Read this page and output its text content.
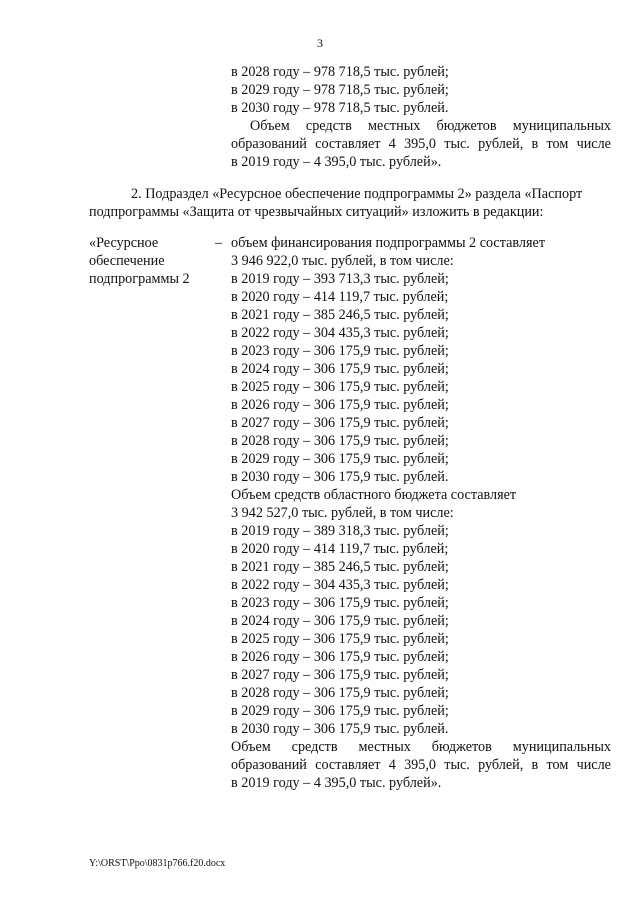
3
в 2028 году – 978 718,5 тыс. рублей;
в 2029 году – 978 718,5 тыс. рублей;
в 2030 году – 978 718,5 тыс. рублей.
Объем средств местных бюджетов муниципальных
образований составляет 4 395,0 тыс. рублей, в том числе
в 2019 году – 4 395,0 тыс. рублей».
2. Подраздел «Ресурсное обеспечение подпрограммы 2» раздела «Паспорт
подпрограммы «Защита от чрезвычайных ситуаций» изложить в редакции:
«Ресурсное
обеспечение
подпрограммы 2
– объем финансирования подпрограммы 2 составляет
3 946 922,0 тыс. рублей, в том числе:
в 2019 году – 393 713,3 тыс. рублей;
в 2020 году – 414 119,7 тыс. рублей;
в 2021 году – 385 246,5 тыс. рублей;
в 2022 году – 304 435,3 тыс. рублей;
в 2023 году – 306 175,9 тыс. рублей;
в 2024 году – 306 175,9 тыс. рублей;
в 2025 году – 306 175,9 тыс. рублей;
в 2026 году – 306 175,9 тыс. рублей;
в 2027 году – 306 175,9 тыс. рублей;
в 2028 году – 306 175,9 тыс. рублей;
в 2029 году – 306 175,9 тыс. рублей;
в 2030 году – 306 175,9 тыс. рублей.
Объем средств областного бюджета составляет
3 942 527,0 тыс. рублей, в том числе:
в 2019 году – 389 318,3 тыс. рублей;
в 2020 году – 414 119,7 тыс. рублей;
в 2021 году – 385 246,5 тыс. рублей;
в 2022 году – 304 435,3 тыс. рублей;
в 2023 году – 306 175,9 тыс. рублей;
в 2024 году – 306 175,9 тыс. рублей;
в 2025 году – 306 175,9 тыс. рублей;
в 2026 году – 306 175,9 тыс. рублей;
в 2027 году – 306 175,9 тыс. рублей;
в 2028 году – 306 175,9 тыс. рублей;
в 2029 году – 306 175,9 тыс. рублей;
в 2030 году – 306 175,9 тыс. рублей.
Объем средств местных бюджетов муниципальных
образований составляет 4 395,0 тыс. рублей, в том числе
в 2019 году – 4 395,0 тыс. рублей».
Y:\ORST\Ppo\0831p766.f20.docx
